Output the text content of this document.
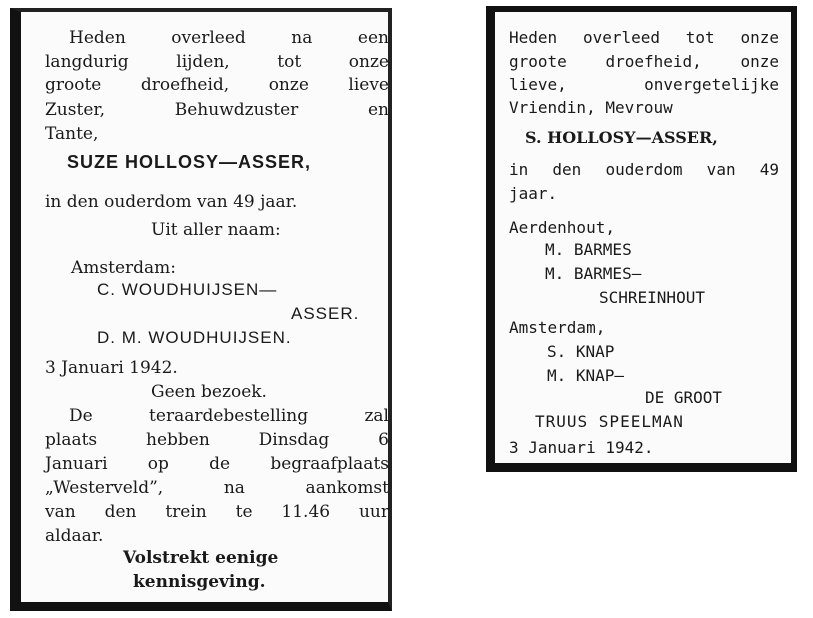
Heden overleed na een
langdurig lijden, tot onze
groote droefheid, onze lieve
Zuster, Behuwdzuster en
Tante,
SUZE HOLLOSY—ASSER,
in den ouderdom van 49 jaar.
Uit aller naam:
Amsterdam:
C. WOUDHUIJSEN—
ASSER.
D. M. WOUDHUIJSEN.
3 Januari 1942.
Geen bezoek.
De teraardebestelling zal
plaats hebben Dinsdag 6
Januari op de begraafplaats
„Westerveld”, na aankomst
van den trein te 11.46 uur
aldaar.
Volstrekt eenige
kennisgeving.
Heden overleed tot onze
groote droefheid, onze
lieve, onvergetelijke
Vriendin, Mevrouw
S. HOLLOSY—ASSER,
in den ouderdom van 49
jaar.
Aerdenhout,
M. BARMES
M. BARMES—
SCHREINHOUT
Amsterdam,
S. KNAP
M. KNAP—
DE GROOT
TRUUS SPEELMAN
3 Januari 1942.
